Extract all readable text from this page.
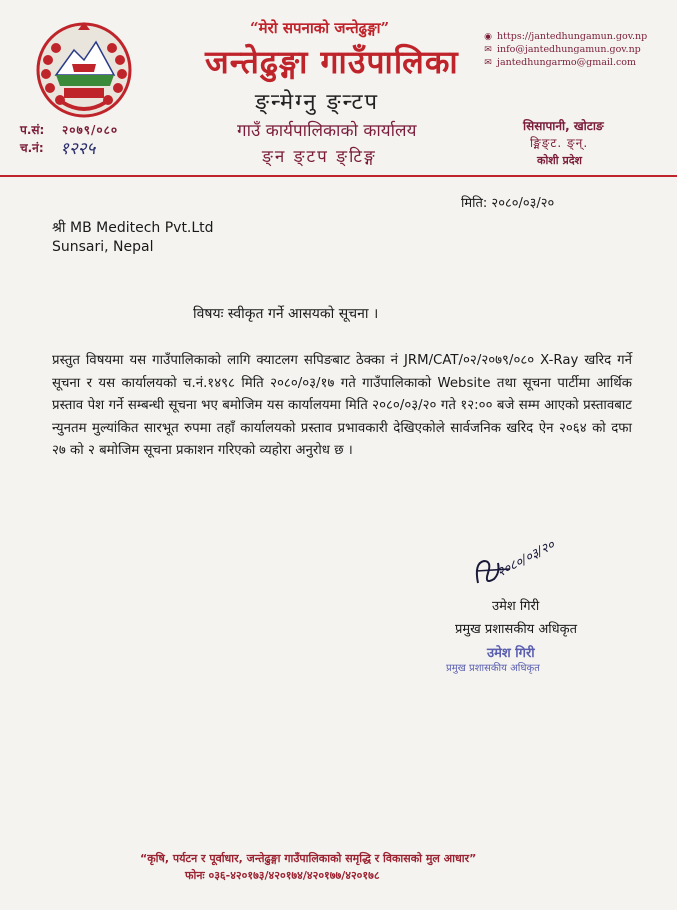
“मेरो सपनाको जन्तेढुङ्गा”
जन्तेढुङ्गा गाउँपालिका
ङ्न्मेग्नु ङ्न्टप
गाउँ कार्यपालिकाको कार्यालय
ङ्न ङ्टप ङ्टिङ्ग
◉ https://jantedhungamun.gov.np
✉ info@jantedhungamun.gov.np
✉ jantedhungarmo@gmail.com
प.सं: २०७९/०८०
च.नं: १२२५
सिसापानी, खोटाङ
ङ्मिङ्ट. ङ्न्.
कोशी प्रदेश
मिति: २०८०/०३/२०
श्री MB Meditech Pvt.Ltd
Sunsari, Nepal
विषयः स्वीकृत गर्ने आसयको सूचना ।

प्रस्तुत विषयमा यस गाउँपालिकाको लागि क्याटलग सपिङबाट ठेक्का नं JRM/CAT/०२/२०७९/०८० X-Ray खरिद गर्ने सूचना र यस कार्यालयको च.नं.१४९८ मिति २०८०/०३/१७ गते गाउँपालिकाको Website तथा सूचना पार्टीमा आर्थिक प्रस्ताव पेश गर्ने सम्बन्धी सूचना भए बमोजिम यस कार्यालयमा मिति २०८०/०३/२० गते १२:०० बजे सम्म आएको प्रस्तावबाट न्युनतम मुल्यांकित सारभूत रुपमा तहाँ कार्यालयको प्रस्ताव प्रभावकारी देखिएकोले सार्वजनिक खरिद ऐन २०६४ को दफा २७ को २ बमोजिम सूचना प्रकाशन गरिएको व्यहोरा अनुरोध छ ।

२०८०/०३/२०
उमेश गिरी
प्रमुख प्रशासकीय अधिकृत
उमेश गिरी
प्रमुख प्रशासकीय अधिकृत
“कृषि, पर्यटन र पूर्वाधार, जन्तेढुङ्गा गाउँपालिकाको समृद्धि र विकासको मुल आधार”
फोनः ०३६-४२०१७३/४२०१७४/४२०१७७/४२०१७८
